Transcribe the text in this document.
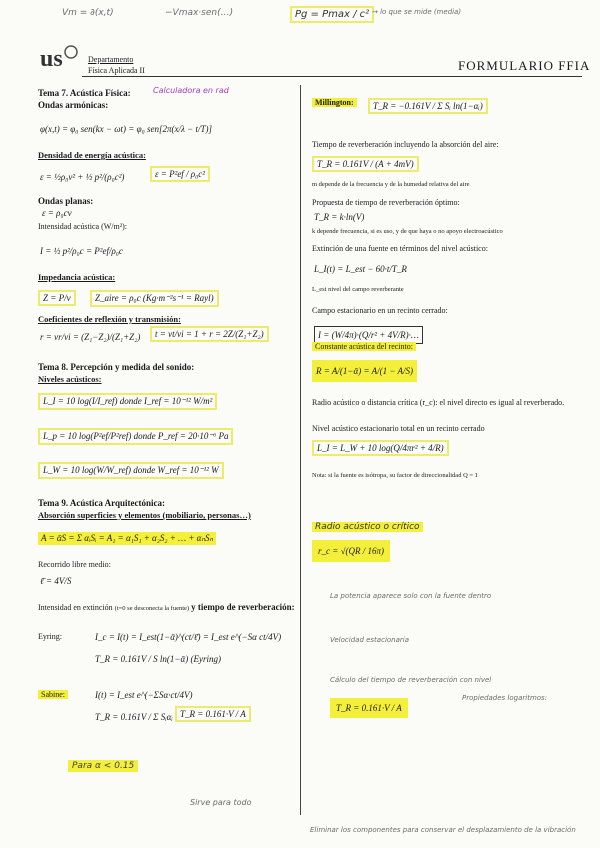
Vm = ∂(x,t)	−Vmax·sen(…)	Pg = Pmax / c² → lo que se mide (media)
us	Departamento
Física Aplicada II	FORMULARIO FFIA
Calculadora en rad
Tema 7. Acústica Física:
Ondas armónicas:
φ(x,t) = φ₀ sen(kx − ωt) = φ₀ sen[2π(x/λ − t/T)]
Densidad de energía acústica:
ε = ½ρ₀v² + ½ p²/(ρ₀c²)	ε = P²ef / ρ₀c²
Ondas planas:
ε = ρ₀cv
Intensidad acústica (W/m²):
I = ½ p²/ρ₀c = P²ef/ρ₀c
Impedancia acústica:
Z = P/v	Z_aire = ρ₀c (Kg·m⁻²s⁻¹ = Rayl)
Coeficientes de reflexión y transmisión:
r = vr/vi = (Z₁−Z₂)/(Z₁+Z₂)	t = vt/vi = 1 + r = 2Z/(Z₁+Z₂)
Tema 8. Percepción y medida del sonido:
Niveles acústicos:
L_I = 10 log(I/I_ref) donde I_ref = 10⁻¹² W/m²
L_p = 10 log(P²ef/P²ref) donde P_ref = 20·10⁻⁶ Pa
L_W = 10 log(W/W_ref) donde W_ref = 10⁻¹² W
Tema 9. Acústica Arquitectónica:
Absorción superficies y elementos (mobiliario, personas…)
A = ᾱS = Σ αᵢSᵢ = A₁ = α₁S₁ + α₂S₂ + … + αₙSₙ
Recorrido libre medio:
ℓ̄ = 4V/S
Intensidad en extinción (t=0 se desconecta la fuente) y tiempo de reverberación:
Eyring:	I_c = I(t) = I_est(1−ᾱ)^(ct/ℓ̄) = I_est e^(−Sα ct/4V)
T_R = 0.161V / S ln(1−ᾱ) (Eyring)
Sabine:	I(t) = I_est e^(−ΣSα·ct/4V)
T_R = 0.161V / Σ Sᵢαᵢ T_R = 0.161·V / A
Para α < 0.15
Sirve para todo
Millington:	T_R = −0.161V / Σ Sᵢ ln(1−αᵢ)
Tiempo de reverberación incluyendo la absorción del aire:
T_R = 0.161V / (A + 4mV)
m depende de la frecuencia y de la humedad relativa del aire
Propuesta de tiempo de reverberación óptimo:
T_R = k·ln(V)
k depende frecuencia, si es uso, y de que haya o no apoyo electroacústico
Extinción de una fuente en términos del nivel acústico:
L_I(t) = L_est − 60·t/T_R
L_est nivel del campo reverberante
Campo estacionario en un recinto cerrado:
I = (W/4π)·(Q/r² + 4V/R)·…
Constante acústica del recinto:
R = A/(1−ᾱ) = A/(1 − A/S)
Radio acústico o distancia crítica (r_c): el nivel directo es igual al reverberado.
Nivel acústico estacionario total en un recinto cerrado
L_I = L_W + 10 log(Q/4πr² + 4/R)
Nota: si la fuente es isótropa, su factor de direccionalidad Q = 1
Radio acústico o crítico
r_c = √(QR / 16π)
La potencia aparece solo con la fuente dentro
Velocidad estacionaria
Cálculo del tiempo de reverberación con nivel
T_R = 0.161·V / A
Propiedades logaritmos:
Eliminar los componentes para conservar el desplazamiento de la vibración
